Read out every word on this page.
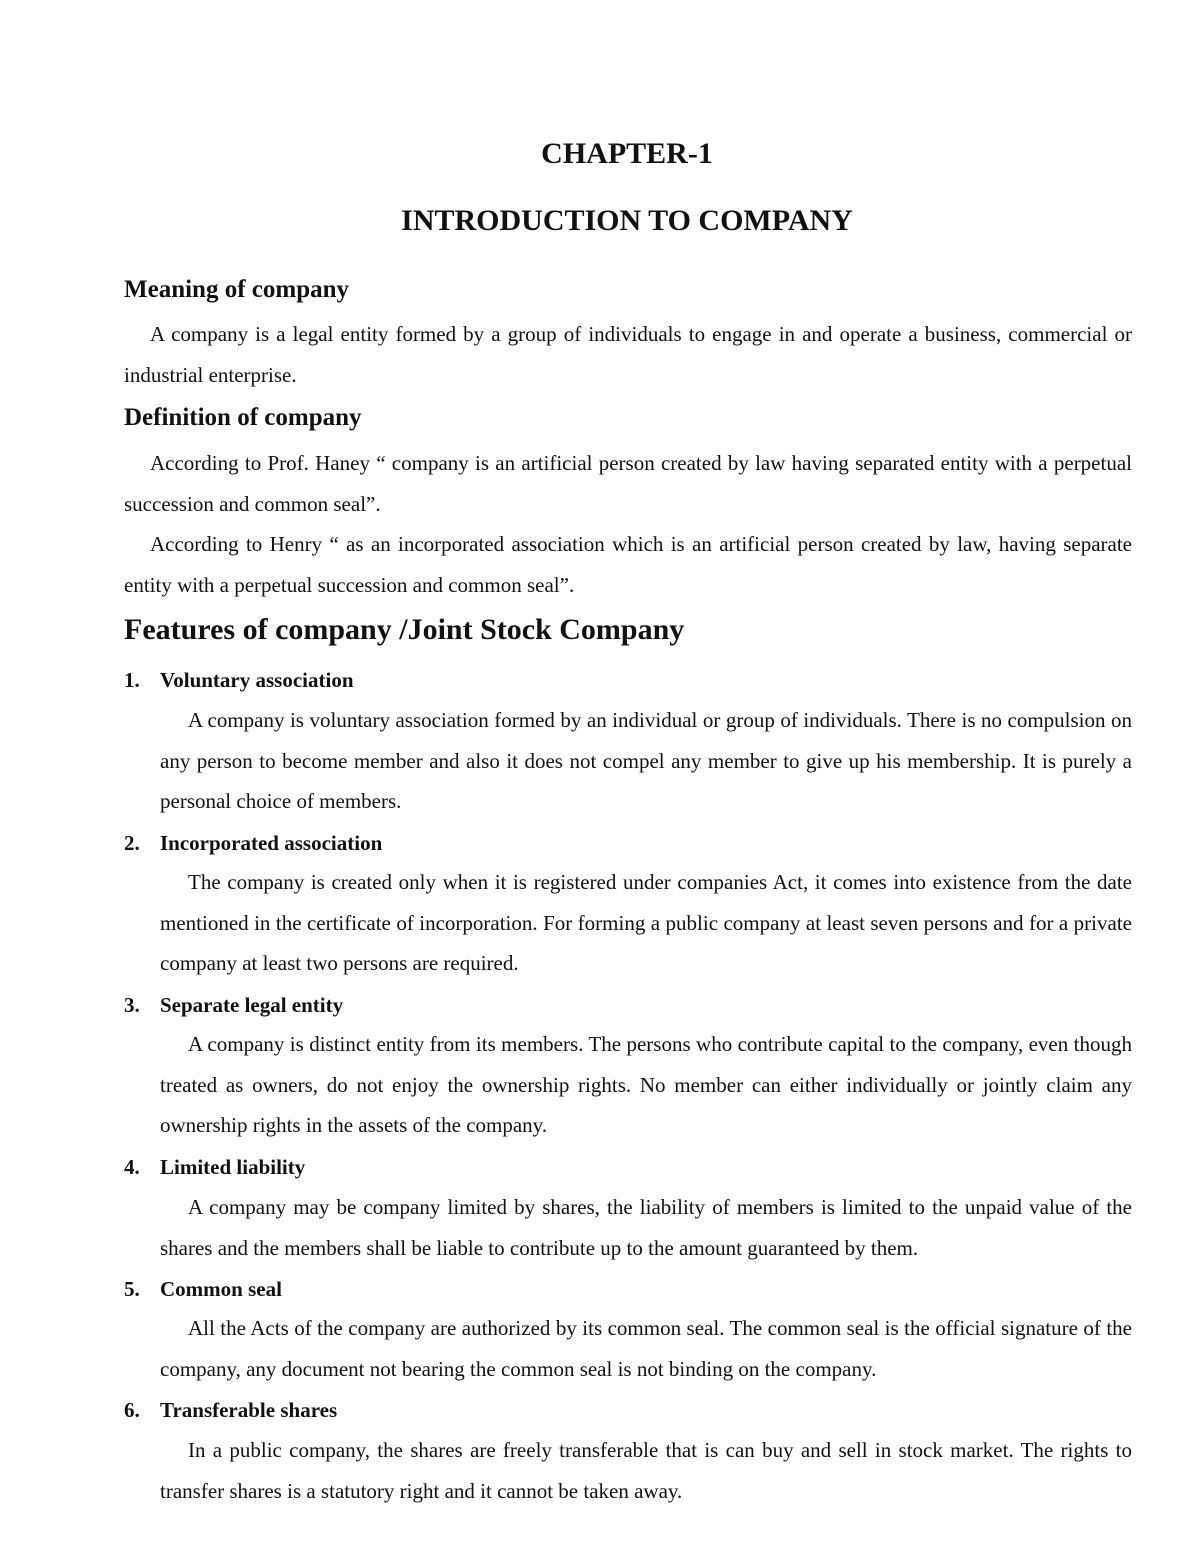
CHAPTER-1
INTRODUCTION TO COMPANY
Meaning of company
A company is a legal entity formed by a group of individuals to engage in and operate a business, commercial or industrial enterprise.
Definition of company
According to Prof. Haney “ company is an artificial person created by law having separated entity with a perpetual succession and common seal”.
According to Henry “ as an incorporated association which is an artificial person created by law, having separate entity with a perpetual succession and common seal”.
Features of company /Joint Stock Company
1. Voluntary association
A company is voluntary association formed by an individual or group of individuals. There is no compulsion on any person to become member and also it does not compel any member to give up his membership. It is purely a personal choice of members.
2. Incorporated association
The company is created only when it is registered under companies Act, it comes into existence from the date mentioned in the certificate of incorporation. For forming a public company at least seven persons and for a private company at least two persons are required.
3. Separate legal entity
A company is distinct entity from its members. The persons who contribute capital to the company, even though treated as owners, do not enjoy the ownership rights. No member can either individually or jointly claim any ownership rights in the assets of the company.
4. Limited liability
A company may be company limited by shares, the liability of members is limited to the unpaid value of the shares and the members shall be liable to contribute up to the amount guaranteed by them.
5. Common seal
All the Acts of the company are authorized by its common seal. The common seal is the official signature of the company, any document not bearing the common seal is not binding on the company.
6. Transferable shares
In a public company, the shares are freely transferable that is can buy and sell in stock market. The rights to transfer shares is a statutory right and it cannot be taken away.
